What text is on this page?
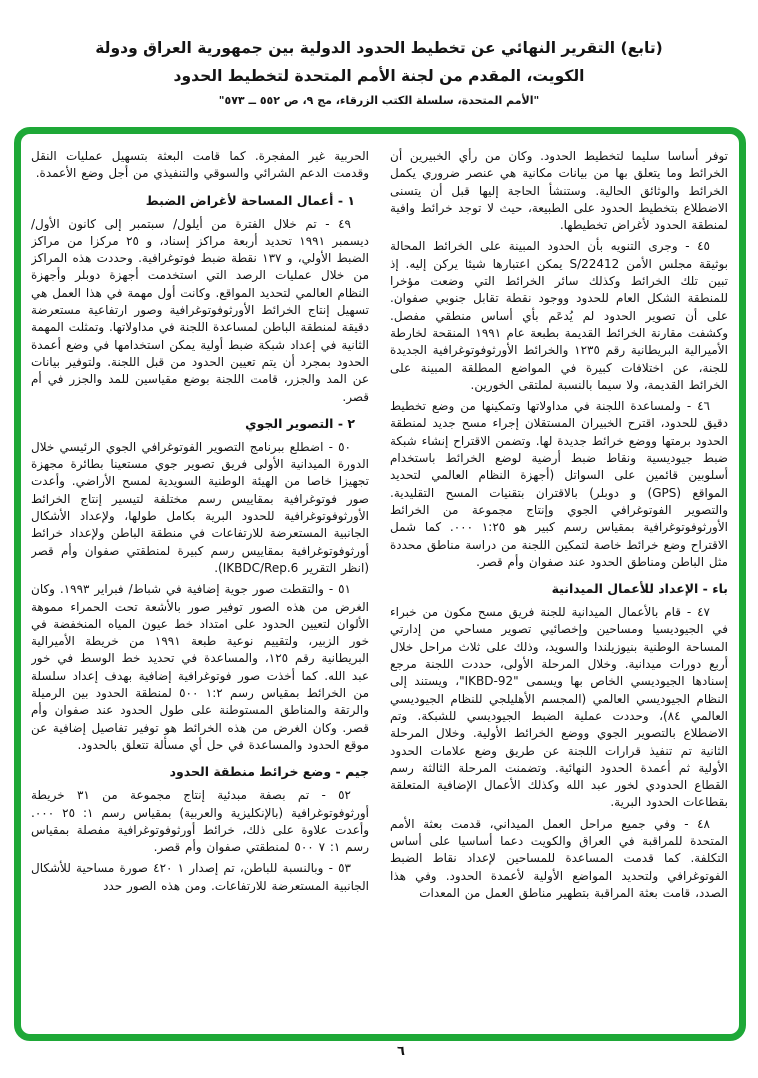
(تابع) التقرير النهائي عن تخطيط الحدود الدولية بين جمهورية العراق ودولة
الكويت، المقدم من لجنة الأمم المتحدة لتخطيط الحدود
"الأمم المتحدة، سلسلة الكتب الزرقاء، مج ٩، ص ٥٥٢ ــ ٥٧٣"

توفر أساسا سليما لتخطيط الحدود. وكان من رأي الخبيرين أن الخرائط وما يتعلق بها من بيانات مكانية هي عنصر ضروري يكمل الخرائط والوثائق الحالية. وستنشأ الحاجة إليها قبل أن يتسنى الاضطلاع بتخطيط الحدود على الطبيعة، حيث لا توجد خرائط وافية لمنطقة الحدود لأغراض تخطيطها.

٤٥ - وجرى التنويه بأن الحدود المبينة على الخرائط المحالة بوثيقة مجلس الأمن S/22412 يمكن اعتبارها شيئا يركن إليه. إذ تبين تلك الخرائط وكذلك سائر الخرائط التي وضعت مؤخرا للمنطقة الشكل العام للحدود ووجود نقطة تقابل جنوبي صفوان. على أن تصوير الحدود لم يُدعَم بأي أساس منطقي مفصل. وكشفت مقارنة الخرائط القديمة بطبعة عام ١٩٩١ المنقحة لخارطة الأميرالية البريطانية رقم ١٢٣٥ والخرائط الأورثوفوتوغرافية الجديدة للجنة، عن اختلافات كبيرة في المواضع المطلقة المبينة على الخرائط القديمة، ولا سيما بالنسبة لملتقى الخورين.

٤٦ - ولمساعدة اللجنة في مداولاتها وتمكينها من وضع تخطيط دقيق للحدود، اقترح الخبيران المستقلان إجراء مسح جديد لمنطقة الحدود برمتها ووضع خرائط جديدة لها. وتضمن الاقتراح إنشاء شبكة ضبط جيوديسية ونقاط ضبط أرضية لوضع الخرائط باستخدام أسلوبين قائمين على السواتل (أجهزة النظام العالمي لتحديد المواقع (GPS) و دوبلر) بالاقتران بتقنيات المسح التقليدية. والتصوير الفوتوغرافي الجوي وإنتاج مجموعة من الخرائط الأورثوفوتوغرافية بمقياس رسم كبير هو ١:٢٥ ٠٠٠. كما شمل الاقتراح وضع خرائط خاصة لتمكين اللجنة من دراسة مناطق محددة مثل الباطن ومناطق الحدود عند صفوان وأم قصر.

باء - الإعداد للأعمال الميدانية

٤٧ - قام بالأعمال الميدانية للجنة فريق مسح مكون من خبراء في الجيوديسيا ومساحين وإخصائيي تصوير مساحي من إدارتي المساحة الوطنية بنيوزيلندا والسويد، وذلك على ثلاث مراحل خلال أربع دورات ميدانية. وخلال المرحلة الأولى، حددت اللجنة مرجع إسنادها الجيوديسي الخاص بها ويسمى "IKBD-92"، ويستند إلى النظام الجيوديسي العالمي (المجسم الأهليلجي للنظام الجيوديسي العالمي ٨٤)، وحددت عملية الضبط الجيوديسي للشبكة. وتم الاضطلاع بالتصوير الجوي ووضع الخرائط الأولية. وخلال المرحلة الثانية تم تنفيذ قرارات اللجنة عن طريق وضع علامات الحدود الأولية ثم أعمدة الحدود النهائية. وتضمنت المرحلة الثالثة رسم القطاع الحدودي لخور عبد الله وكذلك الأعمال الإضافية المتعلقة بقطاعات الحدود البرية.

٤٨ - وفي جميع مراحل العمل الميداني، قدمت بعثة الأمم المتحدة للمراقبة في العراق والكويت دعما أساسيا على أساس التكلفة. كما قدمت المساعدة للمساحين لإعداد نقاط الضبط الفوتوغرافي ولتحديد المواضع الأولية لأعمدة الحدود. وفي هذا الصدد، قامت بعثة المراقبة بتطهير مناطق العمل من المعدات

الحربية غير المفجرة. كما قامت البعثة بتسهيل عمليات النقل وقدمت الدعم الشرائي والسوقي والتنفيذي من أجل وضع الأعمدة.

١ - أعمال المساحة لأغراض الضبط

٤٩ - تم خلال الفترة من أيلول/ سبتمبر إلى كانون الأول/ ديسمبر ١٩٩١ تحديد أربعة مراكز إسناد، و ٢٥ مركزا من مراكز الضبط الأولي، و ١٣٧ نقطة ضبط فوتوغرافية. وحددت هذه المراكز من خلال عمليات الرصد التي استخدمت أجهزة دوبلر وأجهزة النظام العالمي لتحديد المواقع. وكانت أول مهمة في هذا العمل هي تسهيل إنتاج الخرائط الأورثوفوتوغرافية وصور ارتفاعية مستعرضة دقيقة لمنطقة الباطن لمساعدة اللجنة في مداولاتها. وتمثلت المهمة الثانية في إعداد شبكة ضبط أولية يمكن استخدامها في وضع أعمدة الحدود بمجرد أن يتم تعيين الحدود من قبل اللجنة. ولتوفير بيانات عن المد والجزر، قامت اللجنة بوضع مقياسين للمد والجزر في أم قصر.

٢ - التصوير الجوي

٥٠ - اضطلع ببرنامج التصوير الفوتوغرافي الجوي الرئيسي خلال الدورة الميدانية الأولى فريق تصوير جوي مستعينا بطائرة مجهزة تجهيزا خاصا من الهيئة الوطنية السويدية لمسح الأراضي. وأعدت صور فوتوغرافية بمقاييس رسم مختلفة لتيسير إنتاج الخرائط الأورثوفوتوغرافية للحدود البرية بكامل طولها، ولإعداد الأشكال الجانبية المستعرضة للارتفاعات في منطقة الباطن ولإعداد خرائط أورثوفوتوغرافية بمقاييس رسم كبيرة لمنطقتي صفوان وأم قصر (انظر التقرير IKBDC/Rep.6).

٥١ - والتقطت صور جوية إضافية في شباط/ فبراير ١٩٩٣. وكان الغرض من هذه الصور توفير صور بالأشعة تحت الحمراء مموهة الألوان لتعيين الحدود على امتداد خط عيون المياه المنخفضة في خور الزبير، ولتقييم نوعية طبعة ١٩٩١ من خريطة الأميرالية البريطانية رقم ١٢٥، والمساعدة في تحديد خط الوسط في خور عبد الله. كما أخذت صور فوتوغرافية إضافية بهدف إعداد سلسلة من الخرائط بمقياس رسم ١:٢ ٥٠٠ لمنطقة الحدود بين الرميلة والرتقة والمناطق المستوطنة على طول الحدود عند صفوان وأم قصر. وكان الغرض من هذه الخرائط هو توفير تفاصيل إضافية عن موقع الحدود والمساعدة في حل أي مسألة تتعلق بالحدود.

جيم - وضع خرائط منطقة الحدود

٥٢ - تم بصفة مبدئية إنتاج مجموعة من ٣١ خريطة أورثوفوتوغرافية (بالإنكليزية والعربية) بمقياس رسم ١: ٢٥ ٠٠٠. وأعدت علاوة على ذلك، خرائط أورثوفوتوغرافية مفصلة بمقياس رسم ١: ٧ ٥٠٠ لمنطقتي صفوان وأم قصر.

٥٣ - وبالنسبة للباطن، تم إصدار ١ ٤٢٠ صورة مساحية للأشكال الجانبية المستعرضة للارتفاعات. ومن هذه الصور حدد

٦
